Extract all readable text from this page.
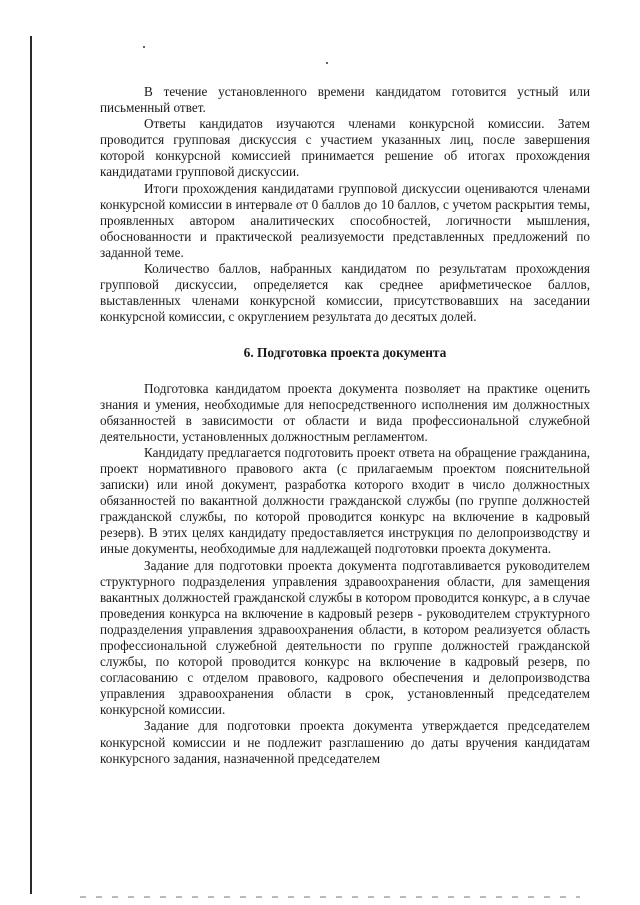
В течение установленного времени кандидатом готовится устный или письменный ответ.

Ответы кандидатов изучаются членами конкурсной комиссии. Затем проводится групповая дискуссия с участием указанных лиц, после завершения которой конкурсной комиссией принимается решение об итогах прохождения кандидатами групповой дискуссии.

Итоги прохождения кандидатами групповой дискуссии оцениваются членами конкурсной комиссии в интервале от 0 баллов до 10 баллов, с учетом раскрытия темы, проявленных автором аналитических способностей, логичности мышления, обоснованности и практической реализуемости представленных предложений по заданной теме.

Количество баллов, набранных кандидатом по результатам прохождения групповой дискуссии, определяется как среднее арифметическое баллов, выставленных членами конкурсной комиссии, присутствовавших на заседании конкурсной комиссии, с округлением результата до десятых долей.

6. Подготовка проекта документа

Подготовка кандидатом проекта документа позволяет на практике оценить знания и умения, необходимые для непосредственного исполнения им должностных обязанностей в зависимости от области и вида профессиональной служебной деятельности, установленных должностным регламентом.

Кандидату предлагается подготовить проект ответа на обращение гражданина, проект нормативного правового акта (с прилагаемым проектом пояснительной записки) или иной документ, разработка которого входит в число должностных обязанностей по вакантной должности гражданской службы (по группе должностей гражданской службы, по которой проводится конкурс на включение в кадровый резерв). В этих целях кандидату предоставляется инструкция по делопроизводству и иные документы, необходимые для надлежащей подготовки проекта документа.

Задание для подготовки проекта документа подготавливается руководителем структурного подразделения управления здравоохранения области, для замещения вакантных должностей гражданской службы в котором проводится конкурс, а в случае проведения конкурса на включение в кадровый резерв - руководителем структурного подразделения управления здравоохранения области, в котором реализуется область профессиональной служебной деятельности по группе должностей гражданской службы, по которой проводится конкурс на включение в кадровый резерв, по согласованию с отделом правового, кадрового обеспечения и делопроизводства управления здравоохранения области в срок, установленный председателем конкурсной комиссии.

Задание для подготовки проекта документа утверждается председателем конкурсной комиссии и не подлежит разглашению до даты вручения кандидатам конкурсного задания, назначенной председателем
